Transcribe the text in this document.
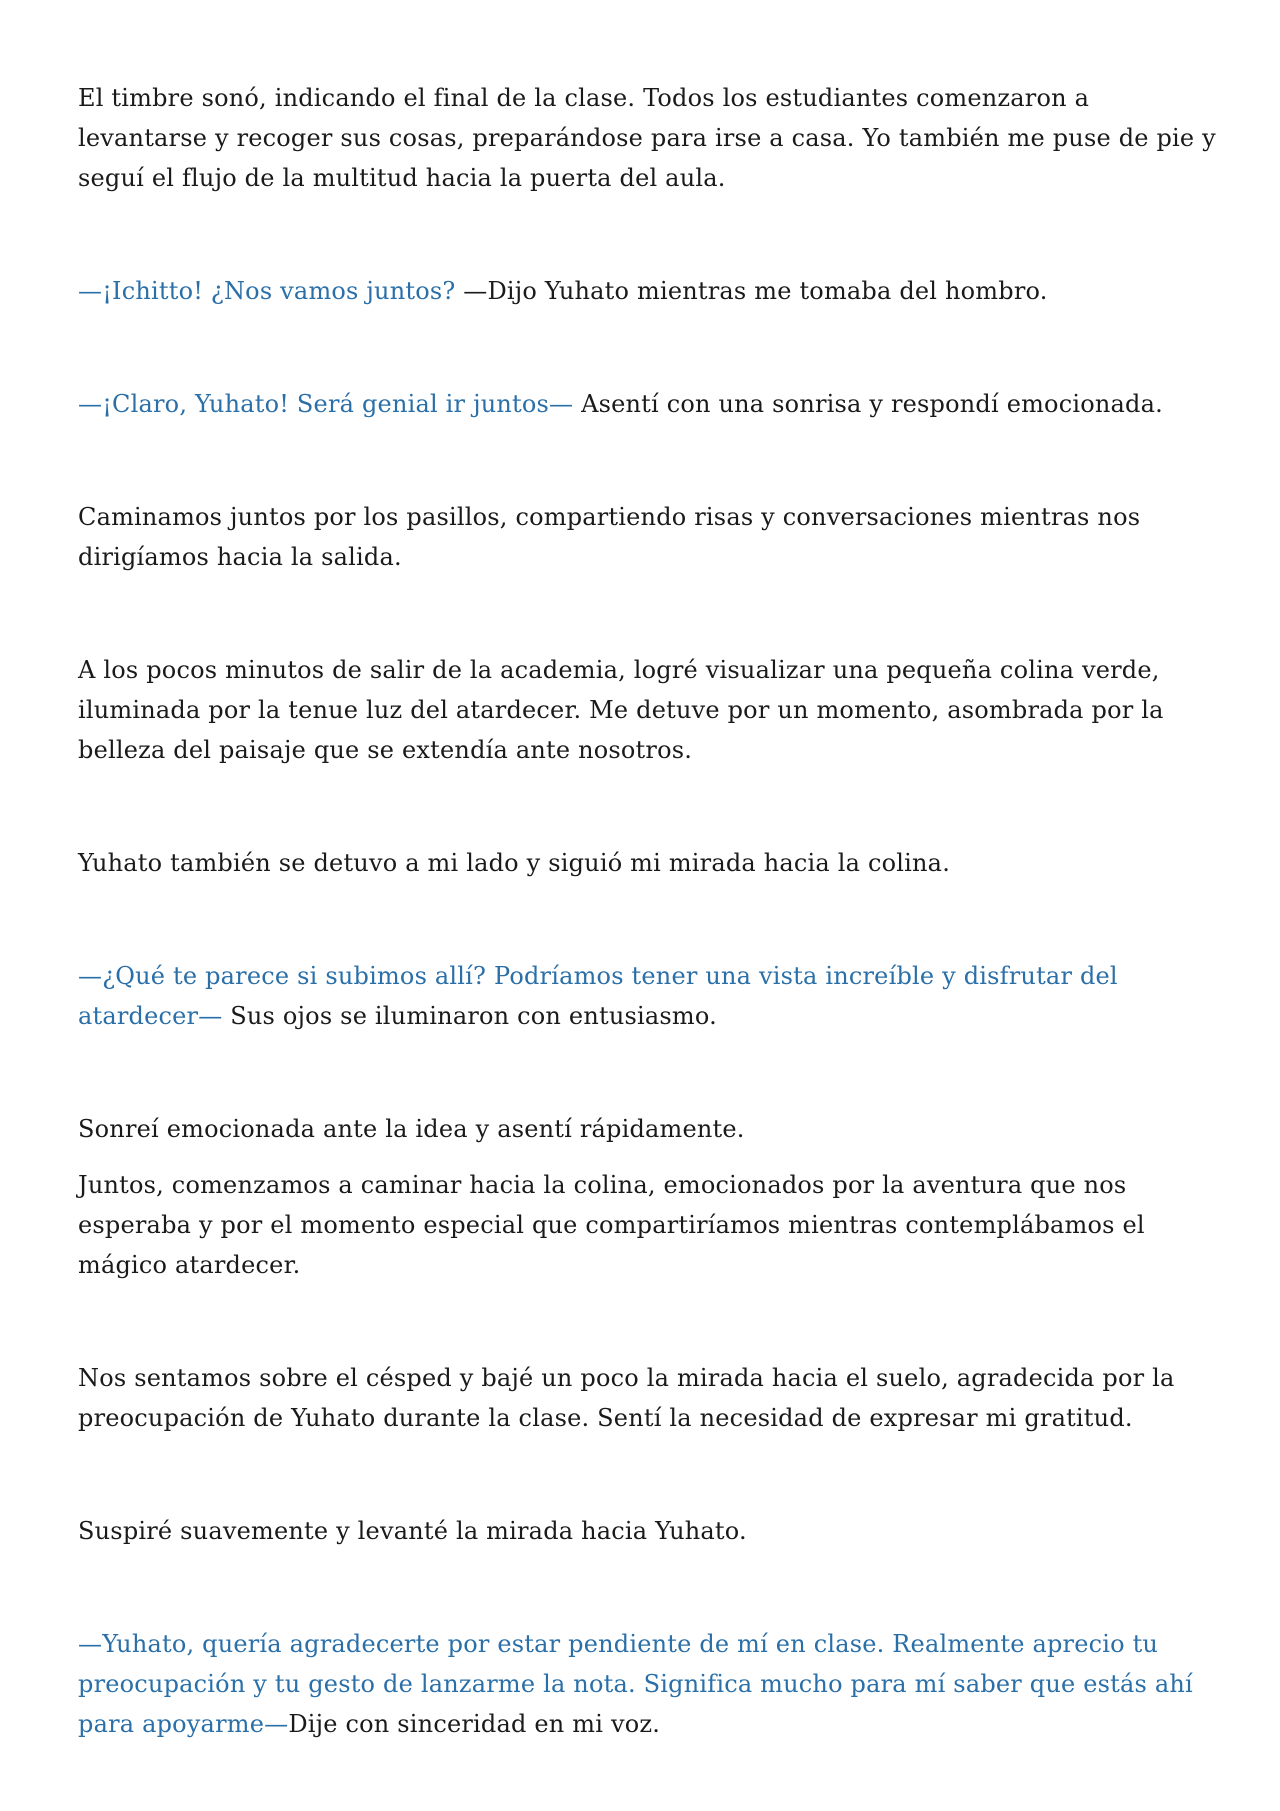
El timbre sonó, indicando el final de la clase. Todos los estudiantes comenzaron a levantarse y recoger sus cosas, preparándose para irse a casa. Yo también me puse de pie y seguí el flujo de la multitud hacia la puerta del aula.

—¡Ichitto! ¿Nos vamos juntos? —Dijo Yuhato mientras me tomaba del hombro.

—¡Claro, Yuhato! Será genial ir juntos— Asentí con una sonrisa y respondí emocionada.

Caminamos juntos por los pasillos, compartiendo risas y conversaciones mientras nos dirigíamos hacia la salida.

A los pocos minutos de salir de la academia, logré visualizar una pequeña colina verde, iluminada por la tenue luz del atardecer. Me detuve por un momento, asombrada por la belleza del paisaje que se extendía ante nosotros.

Yuhato también se detuvo a mi lado y siguió mi mirada hacia la colina.

—¿Qué te parece si subimos allí? Podríamos tener una vista increíble y disfrutar del atardecer— Sus ojos se iluminaron con entusiasmo.

Sonreí emocionada ante la idea y asentí rápidamente.

Juntos, comenzamos a caminar hacia la colina, emocionados por la aventura que nos esperaba y por el momento especial que compartiríamos mientras contemplábamos el mágico atardecer.

Nos sentamos sobre el césped y bajé un poco la mirada hacia el suelo, agradecida por la preocupación de Yuhato durante la clase. Sentí la necesidad de expresar mi gratitud.

Suspiré suavemente y levanté la mirada hacia Yuhato.

—Yuhato, quería agradecerte por estar pendiente de mí en clase. Realmente aprecio tu preocupación y tu gesto de lanzarme la nota. Significa mucho para mí saber que estás ahí para apoyarme—Dije con sinceridad en mi voz.
